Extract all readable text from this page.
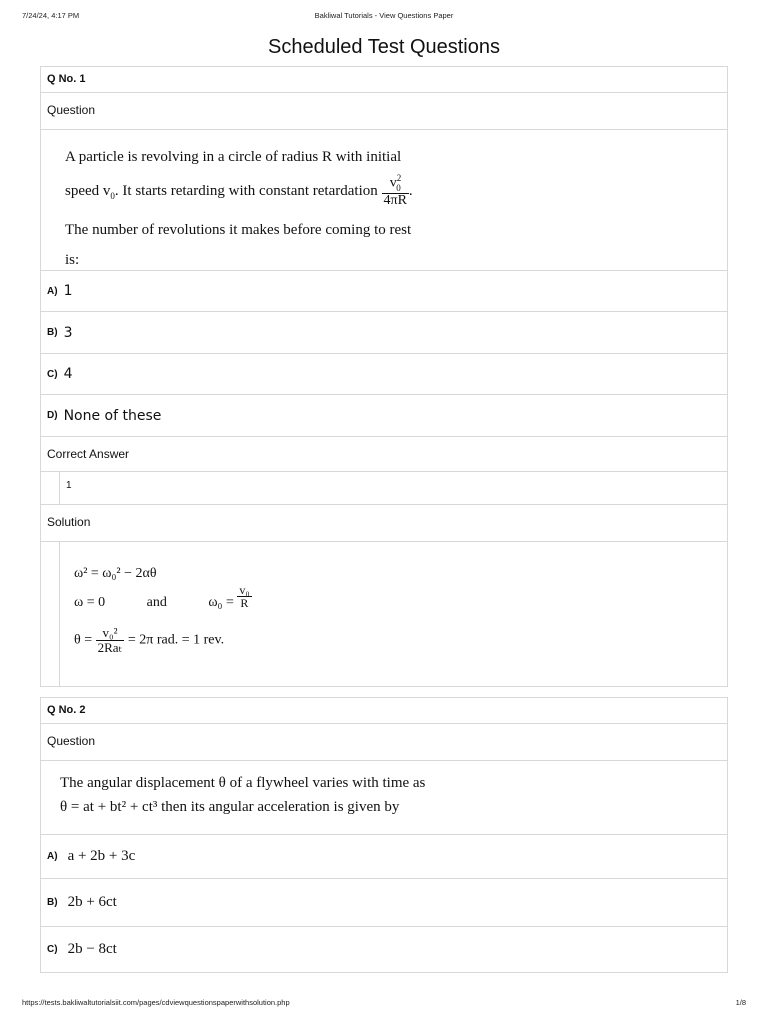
7/24/24, 4:17 PM	Bakliwal Tutorials - View Questions Paper
Scheduled Test Questions
Q No. 1
Question
A particle is revolving in a circle of radius R with initial
speed $v_0$. It starts retarding with constant retardation $\frac{v^2_0}{4\pi R}$ .
The number of revolutions it makes before coming to rest
is:
A) 1
B) 3
C) 4
D) None of these
Correct Answer
1
Solution
ω² = ω₀² − 2αθ
ω = 0	and	$\omega_0 = \frac{\text{v₀}}{R}$
$\theta = \frac{\text{v₀²}}{\text{2Raₜ}} = 2\pi$ rad. = 1 rev.
Q No. 2
Question
The angular displacement θ of a flywheel varies with time as
θ = at + bt² + ct³ then its angular acceleration is given by
A) a + 2b + 3c
B) 2b + 6ct
C) 2b − 8ct
https://tests.bakliwaltutorialsiit.com/pages/cdviewquestionspaperwithsolution.php	1/8
